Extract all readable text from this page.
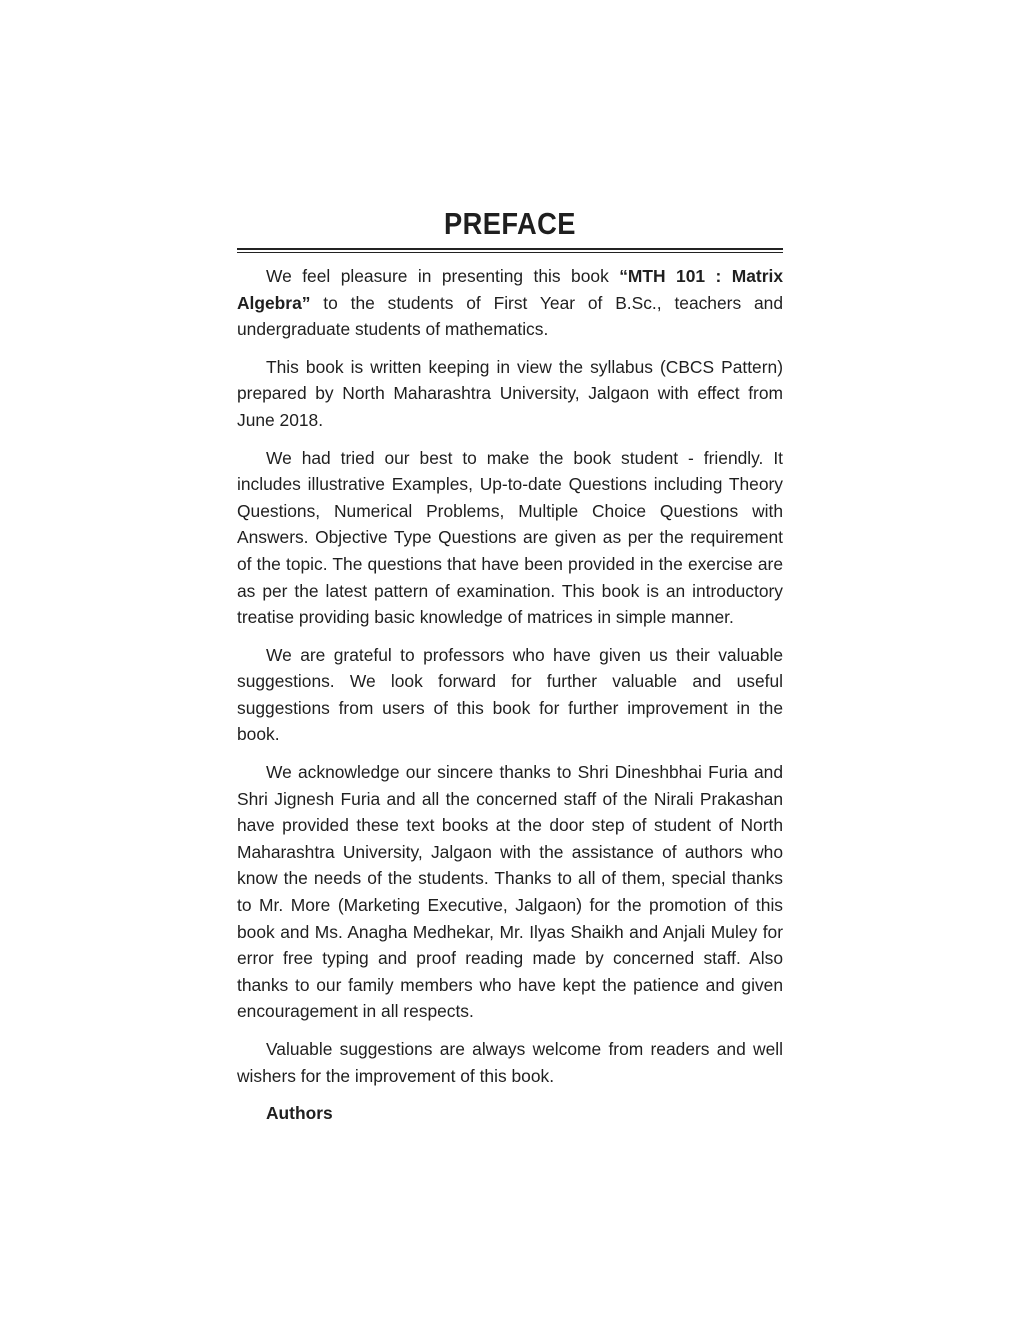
PREFACE

We feel pleasure in presenting this book “MTH 101 : Matrix Algebra” to the students of First Year of B.Sc., teachers and undergraduate students of mathematics.

This book is written keeping in view the syllabus (CBCS Pattern) prepared by North Maharashtra University, Jalgaon with effect from June 2018.

We had tried our best to make the book student - friendly. It includes illustrative Examples, Up-to-date Questions including Theory Questions, Numerical Problems, Multiple Choice Questions with Answers. Objective Type Questions are given as per the requirement of the topic. The questions that have been provided in the exercise are as per the latest pattern of examination. This book is an introductory treatise providing basic knowledge of matrices in simple manner.

We are grateful to professors who have given us their valuable suggestions. We look forward for further valuable and useful suggestions from users of this book for further improvement in the book.

We acknowledge our sincere thanks to Shri Dineshbhai Furia and Shri Jignesh Furia and all the concerned staff of the Nirali Prakashan have provided these text books at the door step of student of North Maharashtra University, Jalgaon with the assistance of authors who know the needs of the students. Thanks to all of them, special thanks to Mr. More (Marketing Executive, Jalgaon) for the promotion of this book and Ms. Anagha Medhekar, Mr. Ilyas Shaikh and Anjali Muley for error free typing and proof reading made by concerned staff. Also thanks to our family members who have kept the patience and given encouragement in all respects.

Valuable suggestions are always welcome from readers and well wishers for the improvement of this book.

Authors
